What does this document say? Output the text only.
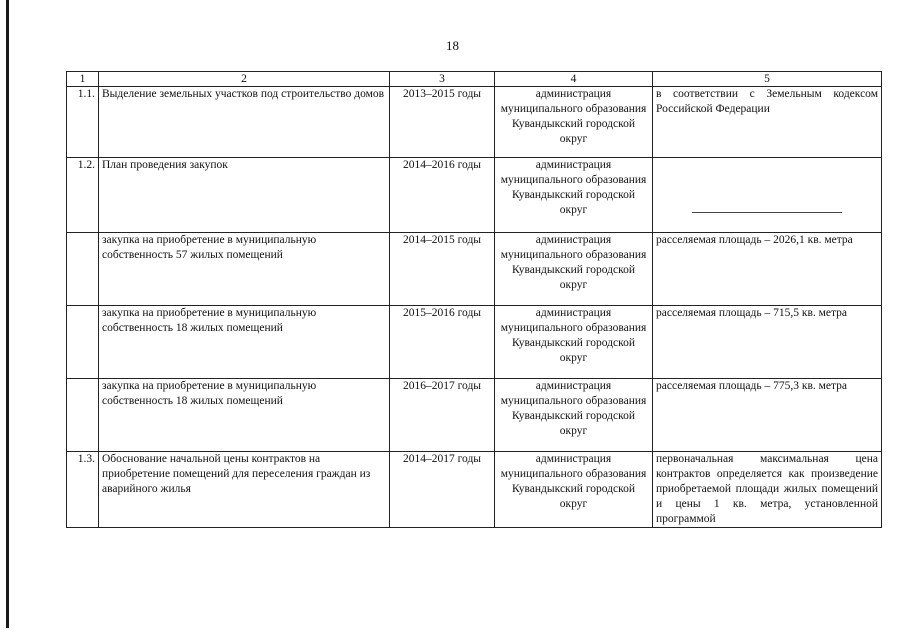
18
1	2	3	4	5
1.1.	Выделение земельных участков под строительство домов	2013–2015 годы	администрация муниципального образования Кувандыкский городской округ	в соответствии с Земельным кодексом Российской Федерации
1.2.	План проведения закупок	2014–2016 годы	администрация муниципального образования Кувандыкский городской округ	

	закупка на приобретение в муниципальную собственность 57 жилых помещений	2014–2015 годы	администрация муниципального образования Кувандыкский городской округ	расселяемая площадь – 2026,1 кв. метра
	закупка на приобретение в муниципальную собственность 18 жилых помещений	2015–2016 годы	администрация муниципального образования Кувандыкский городской округ	расселяемая площадь – 715,5 кв. метра
	закупка на приобретение в муниципальную собственность 18 жилых помещений	2016–2017 годы	администрация муниципального образования Кувандыкский городской округ	расселяемая площадь – 775,3 кв. метра
1.3.	Обоснование начальной цены контрактов на приобретение помещений для переселения граждан из аварийного жилья	2014–2017 годы	администрация муниципального образования Кувандыкский городской округ	первоначальная максимальная цена контрактов определяется как произведение приобретаемой площади жилых помещений и цены 1 кв. метра, установленной программой
